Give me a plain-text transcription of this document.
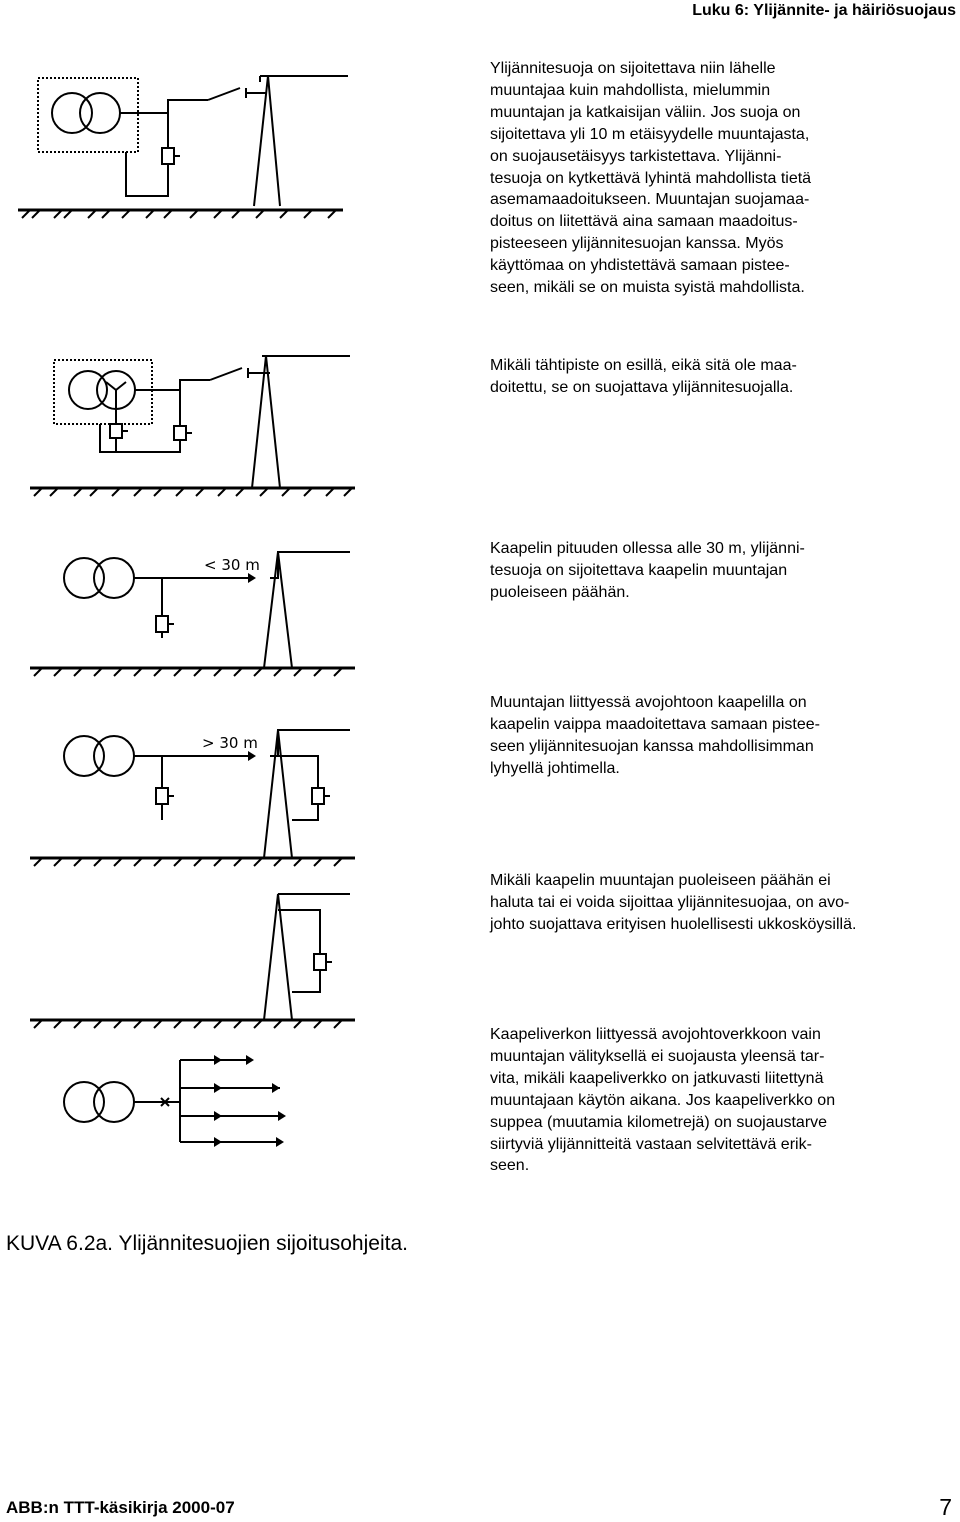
Luku 6: Ylijännite- ja häiriösuojaus
Ylijännitesuoja on sijoitettava niin lähelle
muuntajaa kuin mahdollista, mielummin
muuntajan ja katkaisijan väliin. Jos suoja on
sijoitettava yli 10 m etäisyydelle muuntajasta,
on suojausetäisyys tarkistettava. Ylijänni-
tesuoja on kytkettävä lyhintä mahdollista tietä
asemamaadoitukseen. Muuntajan suojamaa-
doitus on liitettävä aina samaan maadoitus-
pisteeseen ylijännitesuojan kanssa. Myös
käyttömaa on yhdistettävä samaan pistee-
seen, mikäli se on muista syistä mahdollista.
Mikäli tähtipiste on esillä, eikä sitä ole maa-
doitettu, se on suojattava ylijännitesuojalla.
< 30 m
Kaapelin pituuden ollessa alle 30 m, ylijänni-
tesuoja on sijoitettava kaapelin muuntajan
puoleiseen päähän.
> 30 m
Muuntajan liittyessä avojohtoon kaapelilla on
kaapelin vaippa maadoitettava samaan pistee-
seen ylijännitesuojan kanssa mahdollisimman
lyhyellä johtimella.
Mikäli kaapelin muuntajan puoleiseen päähän ei
haluta tai ei voida sijoittaa ylijännitesuojaa, on avo-
johto suojattava erityisen huolellisesti ukkosköysillä.
Kaapeliverkon liittyessä avojohtoverkkoon vain
muuntajan välityksellä ei suojausta yleensä tar-
vita, mikäli kaapeliverkko on jatkuvasti liitettynä
muuntajaan käytön aikana. Jos kaapeliverkko on
suppea (muutamia kilometrejä) on suojaustarve
siirtyviä ylijännitteitä vastaan selvitettävä erik-
seen.
KUVA 6.2a. Ylijännitesuojien sijoitusohjeita.
ABB:n TTT-käsikirja 2000-07	7
